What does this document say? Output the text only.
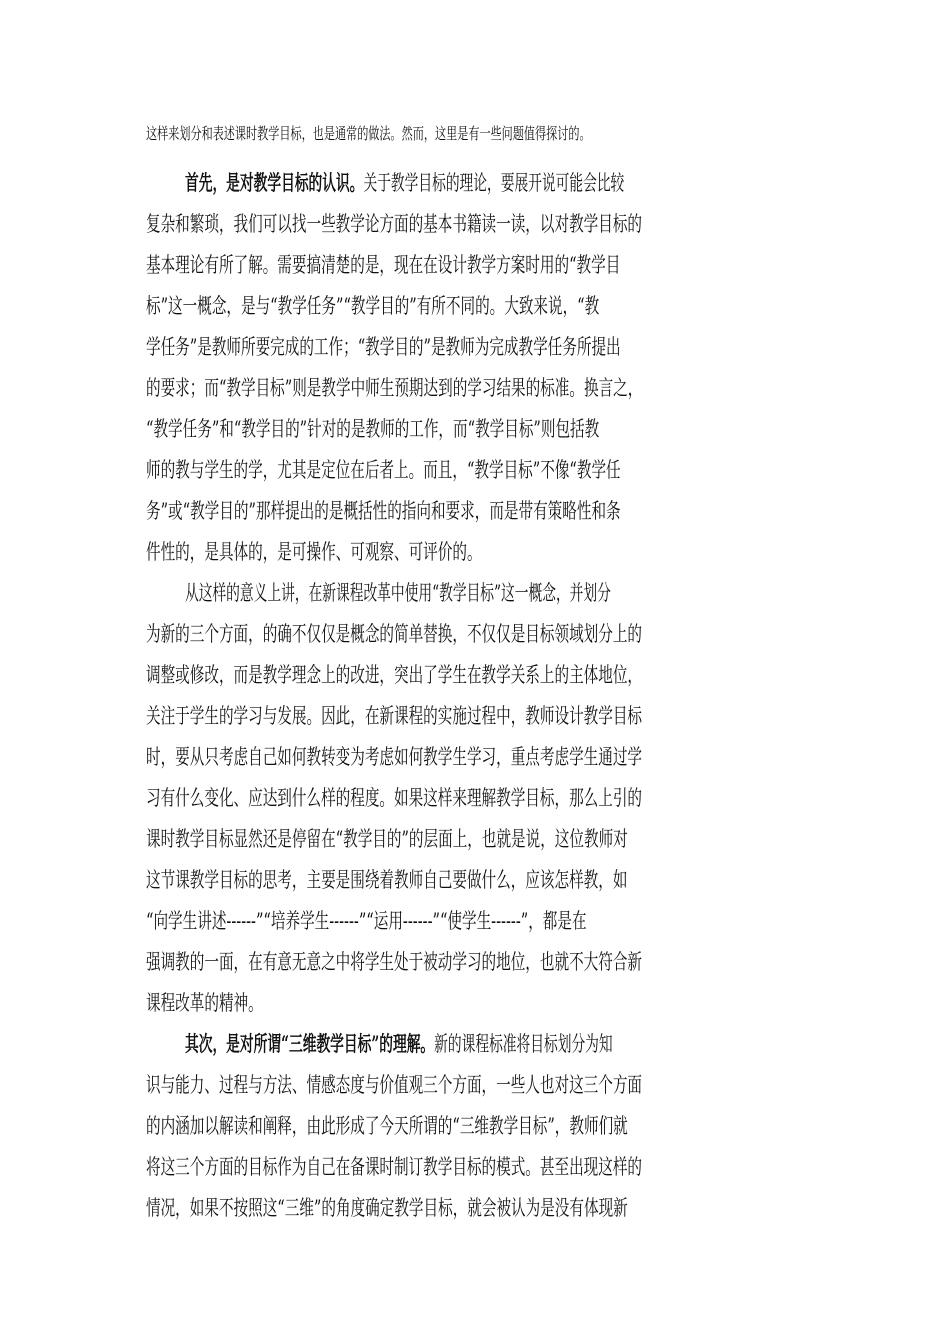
这样来划分和表述课时教学目标，也是通常的做法。然而，这里是有一些问题值得探讨的。
首先，是对教学目标的认识。关于教学目标的理论，要展开说可能会比较
复杂和繁琐，我们可以找一些教学论方面的基本书籍读一读，以对教学目标的
基本理论有所了解。需要搞清楚的是，现在在设计教学方案时用的“教学目
标”这一概念，是与“教学任务”“教学目的”有所不同的。大致来说，“教
学任务”是教师所要完成的工作；“教学目的”是教师为完成教学任务所提出
的要求；而“教学目标”则是教学中师生预期达到的学习结果的标准。换言之，
“教学任务”和“教学目的”针对的是教师的工作，而“教学目标”则包括教
师的教与学生的学，尤其是定位在后者上。而且，“教学目标”不像“教学任
务”或“教学目的”那样提出的是概括性的指向和要求，而是带有策略性和条
件性的，是具体的，是可操作、可观察、可评价的。
从这样的意义上讲，在新课程改革中使用“教学目标”这一概念，并划分
为新的三个方面，的确不仅仅是概念的简单替换，不仅仅是目标领域划分上的
调整或修改，而是教学理念上的改进，突出了学生在教学关系上的主体地位，
关注于学生的学习与发展。因此，在新课程的实施过程中，教师设计教学目标
时，要从只考虑自己如何教转变为考虑如何教学生学习，重点考虑学生通过学
习有什么变化、应达到什么样的程度。如果这样来理解教学目标，那么上引的
课时教学目标显然还是停留在“教学目的”的层面上，也就是说，这位教师对
这节课教学目标的思考，主要是围绕着教师自己要做什么，应该怎样教，如
“向学生讲述------”“培养学生------”“运用------”“使学生------”，都是在
强调教的一面，在有意无意之中将学生处于被动学习的地位，也就不大符合新
课程改革的精神。
其次，是对所谓“三维教学目标”的理解。新的课程标准将目标划分为知
识与能力、过程与方法、情感态度与价值观三个方面，一些人也对这三个方面
的内涵加以解读和阐释，由此形成了今天所谓的“三维教学目标”，教师们就
将这三个方面的目标作为自己在备课时制订教学目标的模式。甚至出现这样的
情况，如果不按照这“三维”的角度确定教学目标，就会被认为是没有体现新
